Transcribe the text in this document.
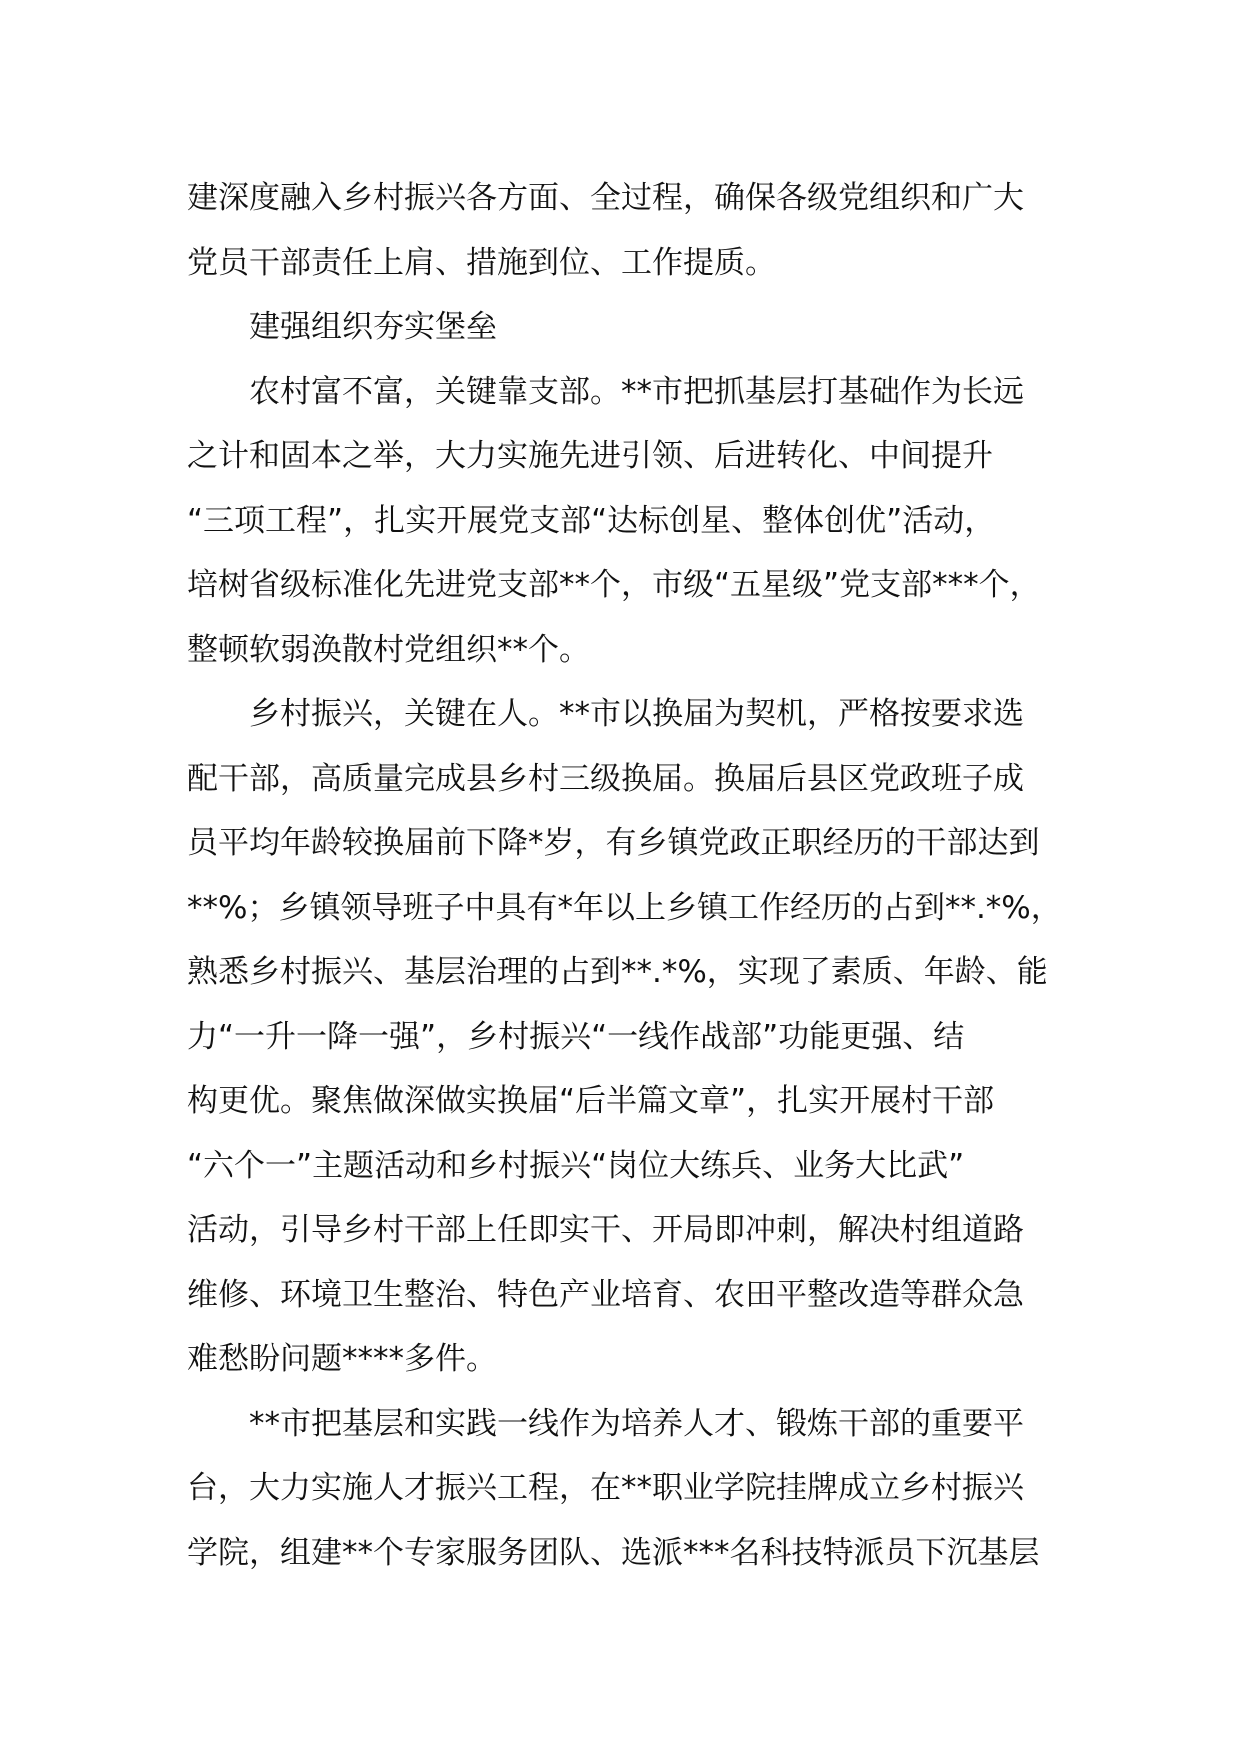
建深度融入乡村振兴各方面、全过程，确保各级党组织和广大
党员干部责任上肩、措施到位、工作提质。
建强组织夯实堡垒
农村富不富，关键靠支部。**市把抓基层打基础作为长远
之计和固本之举，大力实施先进引领、后进转化、中间提升
“三项工程”，扎实开展党支部“达标创星、整体创优”活动，
培树省级标准化先进党支部**个，市级“五星级”党支部***个，
整顿软弱涣散村党组织**个。
乡村振兴，关键在人。**市以换届为契机，严格按要求选
配干部，高质量完成县乡村三级换届。换届后县区党政班子成
员平均年龄较换届前下降*岁，有乡镇党政正职经历的干部达到
**%；乡镇领导班子中具有*年以上乡镇工作经历的占到**.*%，
熟悉乡村振兴、基层治理的占到**.*%，实现了素质、年龄、能
力“一升一降一强”，乡村振兴“一线作战部”功能更强、结
构更优。聚焦做深做实换届“后半篇文章”，扎实开展村干部
“六个一”主题活动和乡村振兴“岗位大练兵、业务大比武”
活动，引导乡村干部上任即实干、开局即冲刺，解决村组道路
维修、环境卫生整治、特色产业培育、农田平整改造等群众急
难愁盼问题****多件。
**市把基层和实践一线作为培养人才、锻炼干部的重要平
台，大力实施人才振兴工程，在**职业学院挂牌成立乡村振兴
学院，组建**个专家服务团队、选派***名科技特派员下沉基层
